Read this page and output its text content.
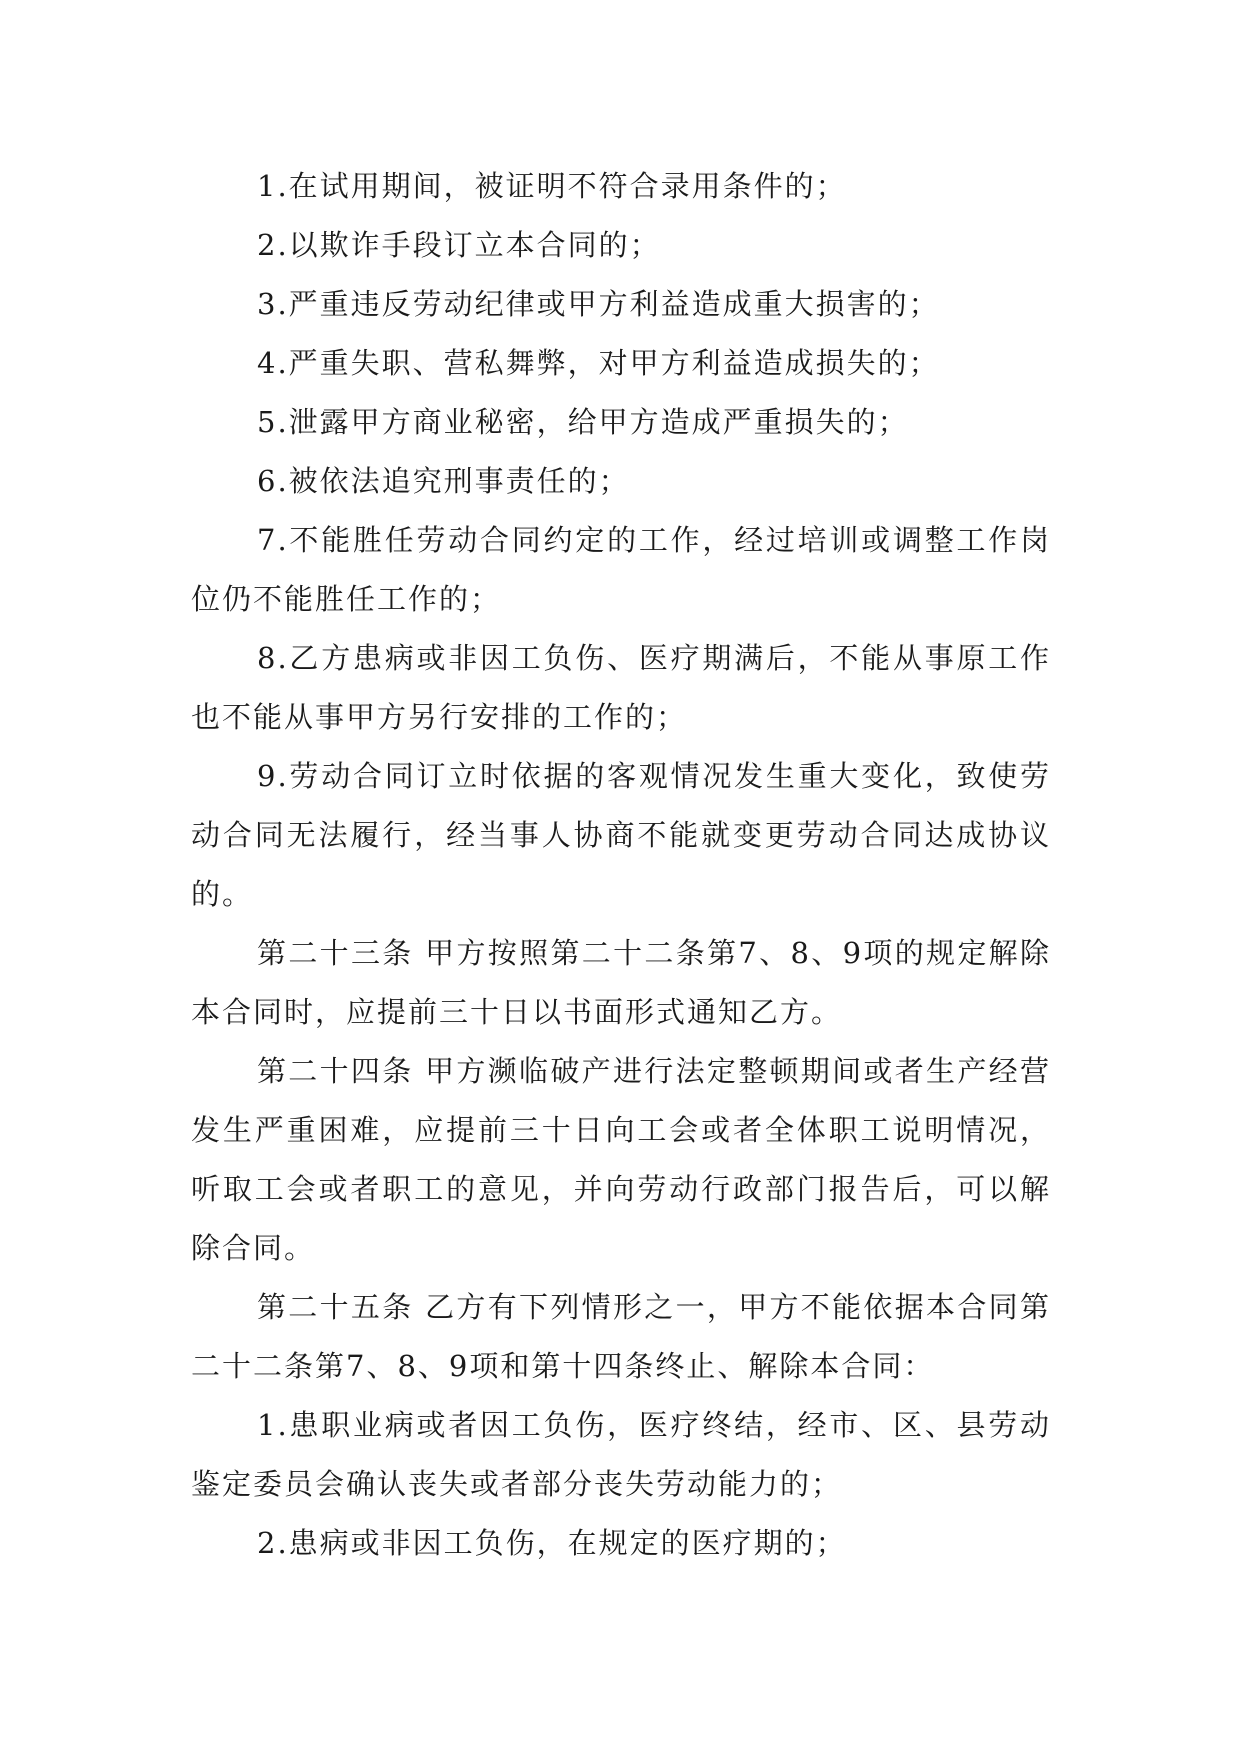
1.在试用期间，被证明不符合录用条件的；

2.以欺诈手段订立本合同的；

3.严重违反劳动纪律或甲方利益造成重大损害的；

4.严重失职、营私舞弊，对甲方利益造成损失的；

5.泄露甲方商业秘密，给甲方造成严重损失的；

6.被依法追究刑事责任的；

7.不能胜任劳动合同约定的工作，经过培训或调整工作岗位仍不能胜任工作的；

8.乙方患病或非因工负伤、医疗期满后，不能从事原工作也不能从事甲方另行安排的工作的；

9.劳动合同订立时依据的客观情况发生重大变化，致使劳动合同无法履行，经当事人协商不能就变更劳动合同达成协议的。

第二十三条 甲方按照第二十二条第7、8、9项的规定解除本合同时，应提前三十日以书面形式通知乙方。

第二十四条 甲方濒临破产进行法定整顿期间或者生产经营发生严重困难，应提前三十日向工会或者全体职工说明情况，听取工会或者职工的意见，并向劳动行政部门报告后，可以解除合同。

第二十五条 乙方有下列情形之一，甲方不能依据本合同第二十二条第7、8、9项和第十四条终止、解除本合同：

1.患职业病或者因工负伤，医疗终结，经市、区、县劳动鉴定委员会确认丧失或者部分丧失劳动能力的；

2.患病或非因工负伤，在规定的医疗期的；
